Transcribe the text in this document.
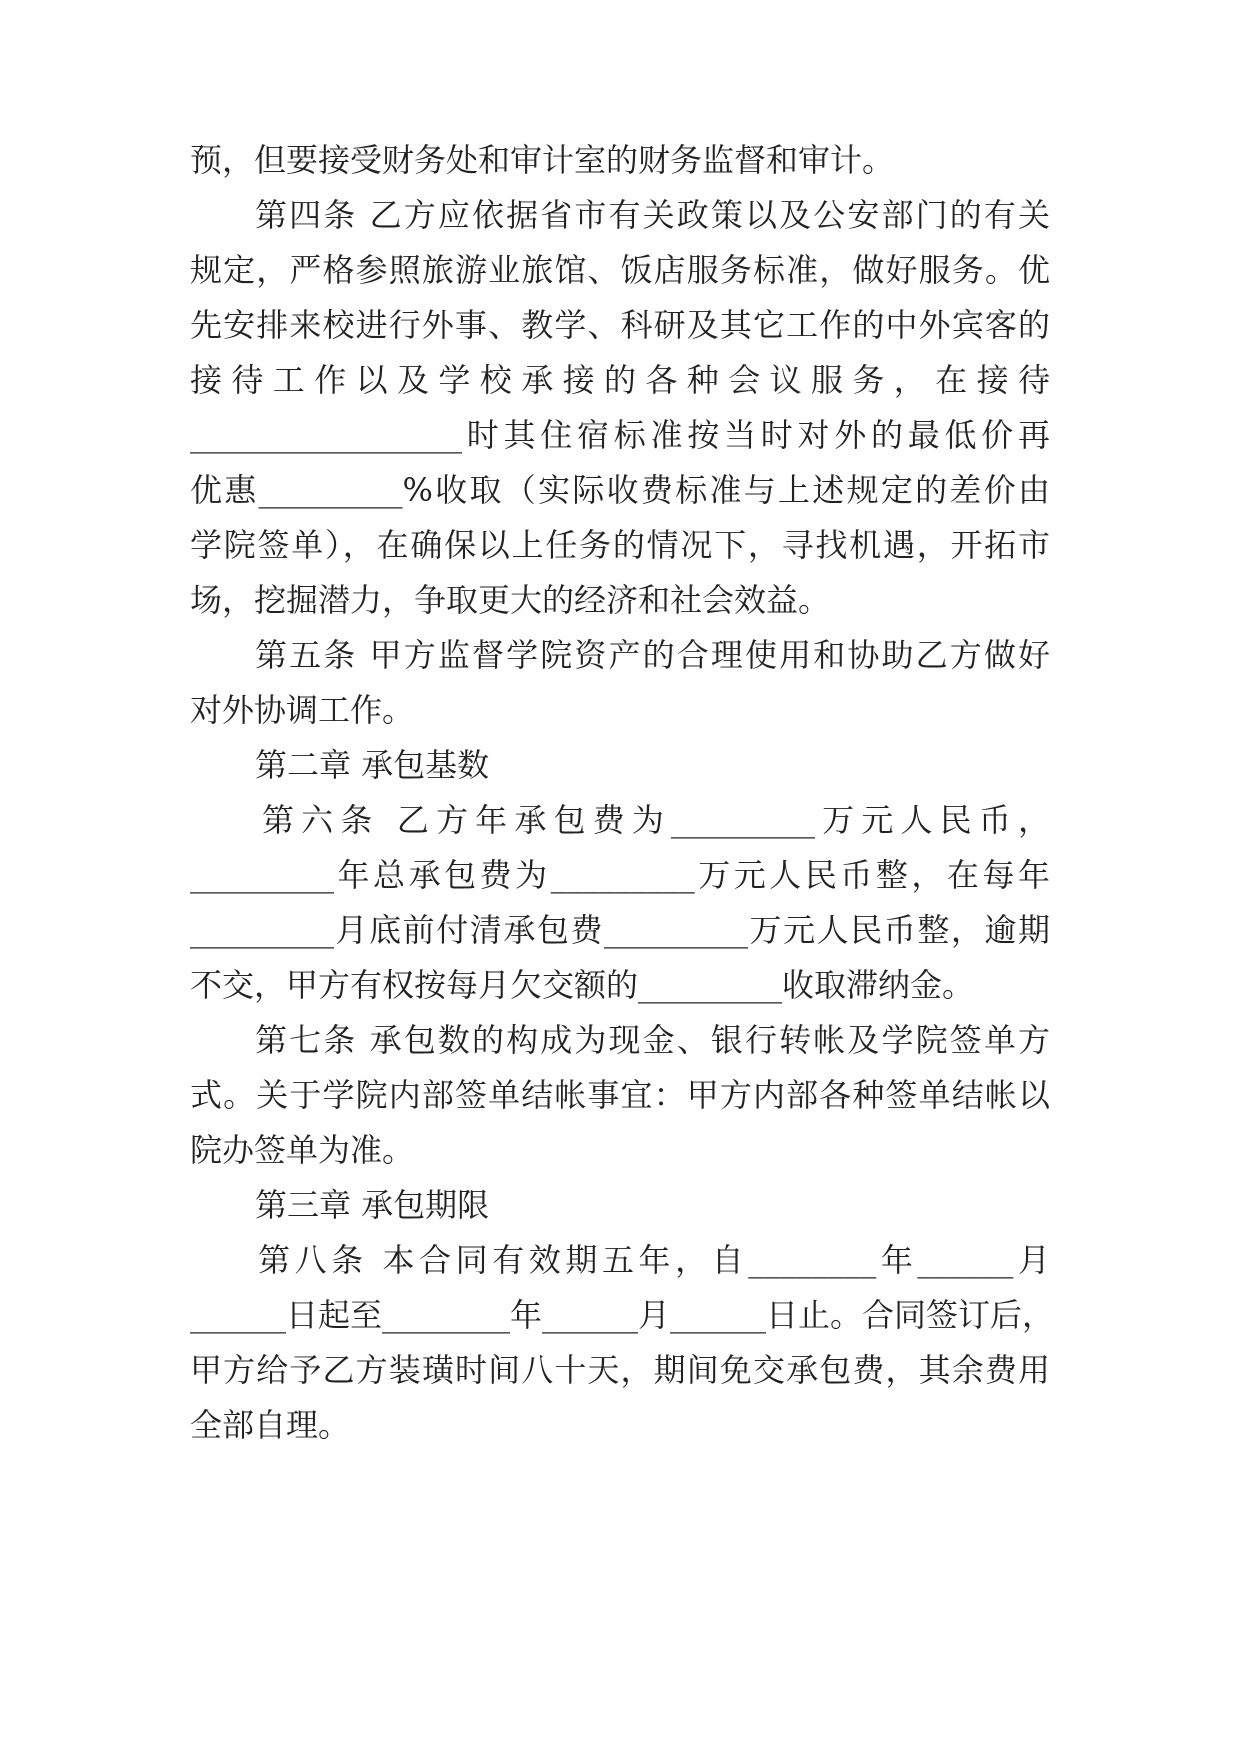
预，但要接受财务处和审计室的财务监督和审计。
第四条 乙方应依据省市有关政策以及公安部门的有关
规定，严格参照旅游业旅馆、饭店服务标准，做好服务。优
先安排来校进行外事、教学、科研及其它工作的中外宾客的
接待工作以及学校承接的各种会议服务，在接待
_________________时其住宿标准按当时对外的最低价再
优惠_________%收取（实际收费标准与上述规定的差价由
学院签单），在确保以上任务的情况下，寻找机遇，开拓市
场，挖掘潜力，争取更大的经济和社会效益。
第五条 甲方监督学院资产的合理使用和协助乙方做好
对外协调工作。
第二章 承包基数
第六条 乙方年承包费为_________万元人民币，
_________年总承包费为_________万元人民币整，在每年
_________月底前付清承包费_________万元人民币整，逾期
不交，甲方有权按每月欠交额的_________收取滞纳金。
第七条 承包数的构成为现金、银行转帐及学院签单方
式。关于学院内部签单结帐事宜：甲方内部各种签单结帐以
院办签单为准。
第三章 承包期限
第八条 本合同有效期五年，自________年______月
______日起至________年______月______日止。合同签订后，
甲方给予乙方装璜时间八十天，期间免交承包费，其余费用
全部自理。
